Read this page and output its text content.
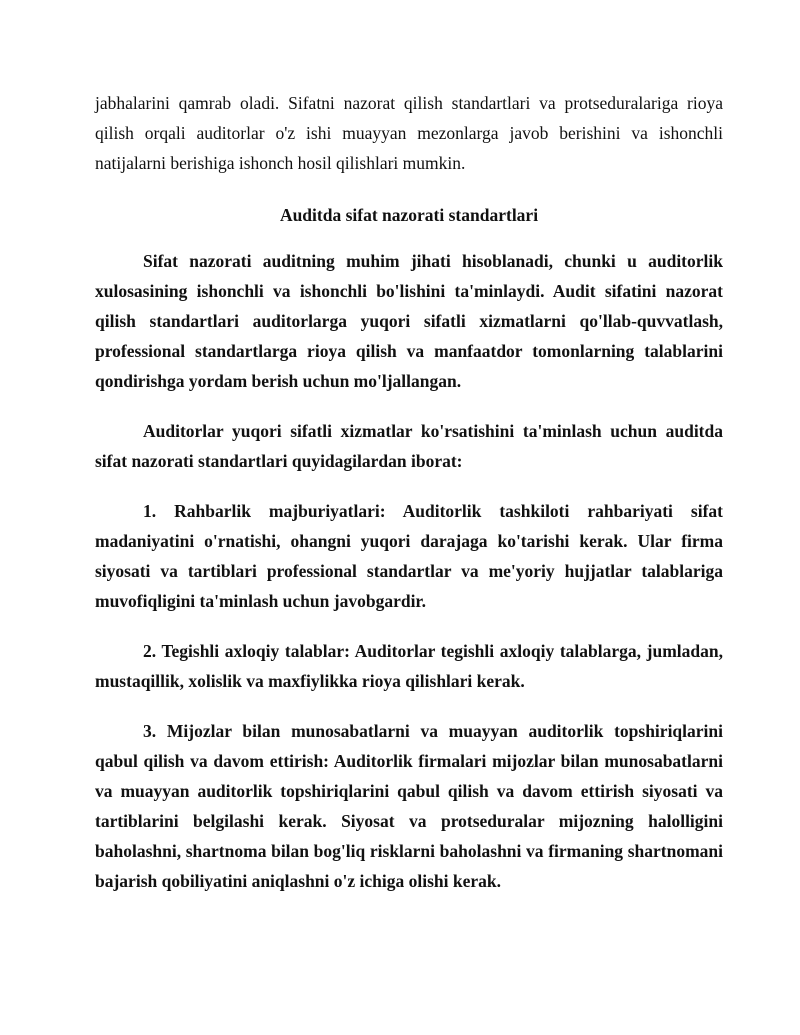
jabhalarini qamrab oladi. Sifatni nazorat qilish standartlari va protseduralariga rioya qilish orqali auditorlar o'z ishi muayyan mezonlarga javob berishini va ishonchli natijalarni berishiga ishonch hosil qilishlari mumkin.

Auditda sifat nazorati standartlari

Sifat nazorati auditning muhim jihati hisoblanadi, chunki u auditorlik xulosasining ishonchli va ishonchli bo'lishini ta'minlaydi. Audit sifatini nazorat qilish standartlari auditorlarga yuqori sifatli xizmatlarni qo'llab-quvvatlash, professional standartlarga rioya qilish va manfaatdor tomonlarning talablarini qondirishga yordam berish uchun mo'ljallangan.

Auditorlar yuqori sifatli xizmatlar ko'rsatishini ta'minlash uchun auditda sifat nazorati standartlari quyidagilardan iborat:

1. Rahbarlik majburiyatlari: Auditorlik tashkiloti rahbariyati sifat madaniyatini o'rnatishi, ohangni yuqori darajaga ko'tarishi kerak. Ular firma siyosati va tartiblari professional standartlar va me'yoriy hujjatlar talablariga muvofiqligini ta'minlash uchun javobgardir.

2. Tegishli axloqiy talablar: Auditorlar tegishli axloqiy talablarga, jumladan, mustaqillik, xolislik va maxfiylikka rioya qilishlari kerak.

3. Mijozlar bilan munosabatlarni va muayyan auditorlik topshiriqlarini qabul qilish va davom ettirish: Auditorlik firmalari mijozlar bilan munosabatlarni va muayyan auditorlik topshiriqlarini qabul qilish va davom ettirish siyosati va tartiblarini belgilashi kerak. Siyosat va protseduralar mijozning halolligini baholashni, shartnoma bilan bog'liq risklarni baholashni va firmaning shartnomani bajarish qobiliyatini aniqlashni o'z ichiga olishi kerak.
